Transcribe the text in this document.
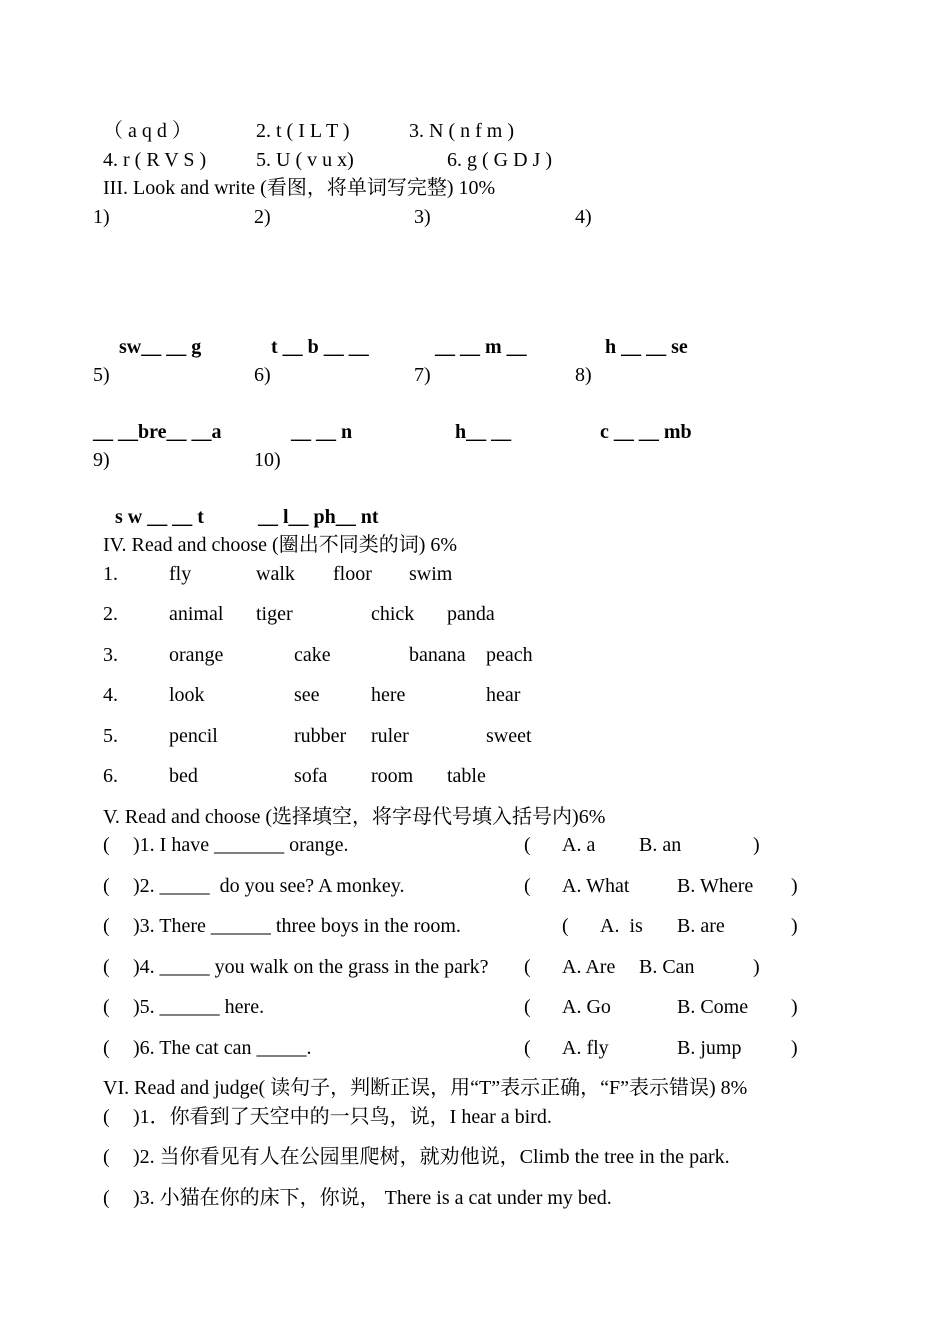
（ a q d ）	2. t ( I L T )	3. N ( n f m )
4. r ( R V S ) 5. U ( v u x)	6. g ( G D J )
III. Look and write (看图，将单词写完整) 10%
1)	2)	3)	4)
sw__ __ g	t __ b __ __	__ __ m __	h __ __ se
5)	6)	7)	8)
__ __bre__ __a	__ __ n	h__ __	c __ __ mb
9)	10)
s w __ __ t	__ l__ ph__ nt
IV. Read and choose (圈出不同类的词) 6%
1.	fly	walk floor swim
2.	animal tiger	chick panda
3.	orange	cake	banana peach
4.	look	see	here	hear
5.	pencil	rubber ruler	sweet
6.	bed	sofa room table
V. Read and choose (选择填空，将字母代号填入括号内)6%
( )1. I have _______ orange.	( A. a B. an	)
( )2. _____  do you see? A monkey.	( A. What B. Where )
( )3. There ______ three boys in the room.	( A.  is B. are	)
( )4. _____ you walk on the grass in the park? ( A. Are B. Can	)
( )5. ______ here.	( A. Go	B. Come )
( )6. The cat can _____.	( A. fly	B. jump )
VI. Read and judge( 读句子，判断正误，用“T”表示正确，“F”表示错误) 8%
( )1．你看到了天空中的一只鸟，说，I hear a bird.
( )2. 当你看见有人在公园里爬树，就劝他说，Climb the tree in the park.
( )3. 小猫在你的床下，你说， There is a cat under my bed.
